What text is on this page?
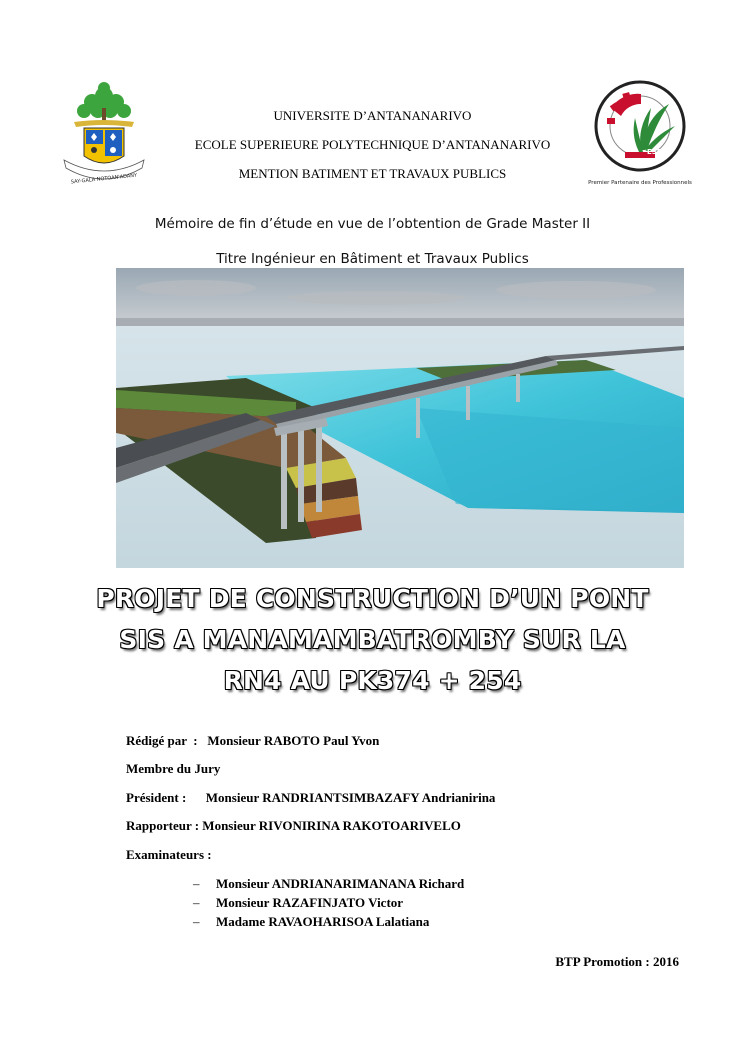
SAY-GALA NOTOAN'ADANY
UNIVERSITE D’ANTANANARIVO
ECOLE SUPERIEURE POLYTECHNIQUE D’ANTANANARIVO
MENTION BATIMENT ET TRAVAUX PUBLICS
ESPA
Premier Partenaire des Professionnels
Mémoire de fin d’étude en vue de l’obtention de Grade Master II
Titre Ingénieur en Bâtiment et Travaux Publics
PROJET DE CONSTRUCTION D’UN PONT
SIS A MANAMAMBATROMBY SUR LA
RN4 AU PK374 + 254
Rédigé par  :   Monsieur RABOTO Paul Yvon
Membre du Jury
Président :      Monsieur RANDRIANTSIMBAZAFY Andrianirina
Rapporteur : Monsieur RIVONIRINA RAKOTOARIVELO
Examinateurs :
– Monsieur ANDRIANARIMANANA Richard
– Monsieur RAZAFINJATO Victor
– Madame RAVAOHARISOA Lalatiana
BTP Promotion : 2016
